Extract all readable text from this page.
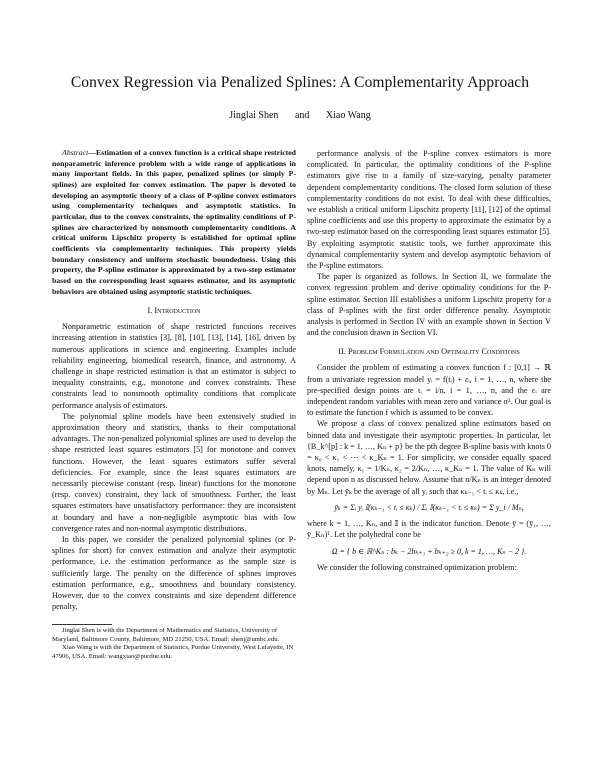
Convex Regression via Penalized Splines: A Complementarity Approach
Jinglai Shen and Xiao Wang

Abstract—Estimation of a convex function is a critical shape restricted nonparametric inference problem with a wide range of applications in many important fields. In this paper, penalized splines (or simply P-splines) are exploited for convex estimation. The paper is devoted to developing an asymptotic theory of a class of P-spline convex estimators using complementarity techniques and asymptotic statistics. In particular, due to the convex constraints, the optimality conditions of P-splines are characterized by nonsmooth complementarity conditions. A critical uniform Lipschitz property is established for optimal spline coefficients via complementarity techniques. This property yields boundary consistency and uniform stochastic boundedness. Using this property, the P-spline estimator is approximated by a two-step estimator based on the corresponding least squares estimator, and its asymptotic behaviors are obtained using asymptotic statistic techniques.

I. Introduction

Nonparametric estimation of shape restricted functions receives increasing attention in statistics [3], [8], [10], [13], [14], [16], driven by numerous applications in science and engineering. Examples include reliability engineering, biomedical research, finance, and astronomy. A challenge in shape restricted estimation is that an estimator is subject to inequality constraints, e.g., monotone and convex constraints. These constraints lead to nonsmooth optimality conditions that complicate performance analysis of estimators.

The polynomial spline models have been extensively studied in approximation theory and statistics, thanks to their computational advantages. The non-penalized polynomial splines are used to develop the shape restricted least squares estimators [5] for monotone and convex functions. However, the least squares estimators suffer several deficiencies. For example, since the least squares estimators are necessarily piecewise constant (resp. linear) functions for the monotone (resp. convex) constraint, they lack of smoothness. Further, the least squares estimators have unsatisfactory performance: they are inconsistent at boundary and have a non-negligible asymptotic bias with low convergence rates and non-normal asymptotic distributions.

In this paper, we consider the penalized polynomial splines (or P-splines for short) for convex estimation and analyze their asymptotic performance, i.e. the estimation performance as the sample size is sufficiently large. The penalty on the difference of splines improves estimation performance, e.g., smoothness and boundary consistency. However, due to the convex constraints and size dependent difference penalty,

Jinglai Shen is with the Department of Mathematics and Statistics, University of Maryland, Baltimore County, Baltimore, MD 21250, USA. Email: shenj@umbc.edu.

Xiao Wang is with the Department of Statistics, Purdue University, West Lafayette, IN 47906, USA. Email: wangxiao@purdue.edu.

performance analysis of the P-spline convex estimators is more complicated. In particular, the optimality conditions of the P-spline estimators give rise to a family of size-varying, penalty parameter dependent complementarity conditions. The closed form solution of these complementarity conditions do not exist. To deal with these difficulties, we establish a critical uniform Lipschitz property [11], [12] of the optimal spline coefficients and use this property to approximate the estimator by a two-step estimator based on the corresponding least squares estimator [5]. By exploiting asymptotic statistic tools, we further approximate this dynamical complementarity system and develop asymptotic behaviors of the P-spline estimators.

The paper is organized as follows. In Section II, we formulate the convex regression problem and derive optimality conditions for the P-spline estimator. Section III establishes a uniform Lipschitz property for a class of P-splines with the first order difference penalty. Asymptotic analysis is performed in Section IV with an example shown in Section V and the conclusion drawn in Section VI.

II. Problem Formulation and Optimality Conditions

Consider the problem of estimating a convex function f : [0,1] → ℝ from a univariate regression model yᵢ = f(tᵢ) + εᵢ, i = 1, …, n, where the pre-specified design points are tᵢ = i/n, i = 1, …, n, and the εᵢ are independent random variables with mean zero and variance σ². Our goal is to estimate the function f which is assumed to be convex.

We propose a class of convex penalized spline estimators based on binned data and investigate their asymptotic properties. In particular, let {B_k^[p] : k = 1, …, Kₙ + p} be the pth degree B-spline basis with knots 0 = κ₀ < κ₁ < ⋯ < κ_Kₙ = 1. For simplicity, we consider equally spaced knots, namely, κ₁ = 1/Kₙ, κ₂ = 2/Kₙ, …, κ_Kₙ = 1. The value of Kₙ will depend upon n as discussed below. Assume that n/Kₙ is an integer denoted by Mₙ. Let ȳₖ be the average of all yᵢ such that κₖ₋₁ < tᵢ ≤ κₖ, i.e.,

ȳₖ = Σᵢ yᵢ 𝕀(κₖ₋₁ < tᵢ ≤ κₖ) / Σᵢ 𝕀(κₖ₋₁ < tᵢ ≤ κₖ) = Σ y_i / Mₙ,

where k = 1, …, Kₙ, and 𝕀 is the indicator function. Denote ȳ = (ȳ₁, …, ȳ_Kₙ)ᵀ. Let the polyhedral cone be

Ω = { b ∈ ℝ^Kₙ : bₖ − 2bₖ₊₁ + bₖ₊₂ ≥ 0, k = 1, …, Kₙ − 2 }.

We consider the following constrained optimization problem:
